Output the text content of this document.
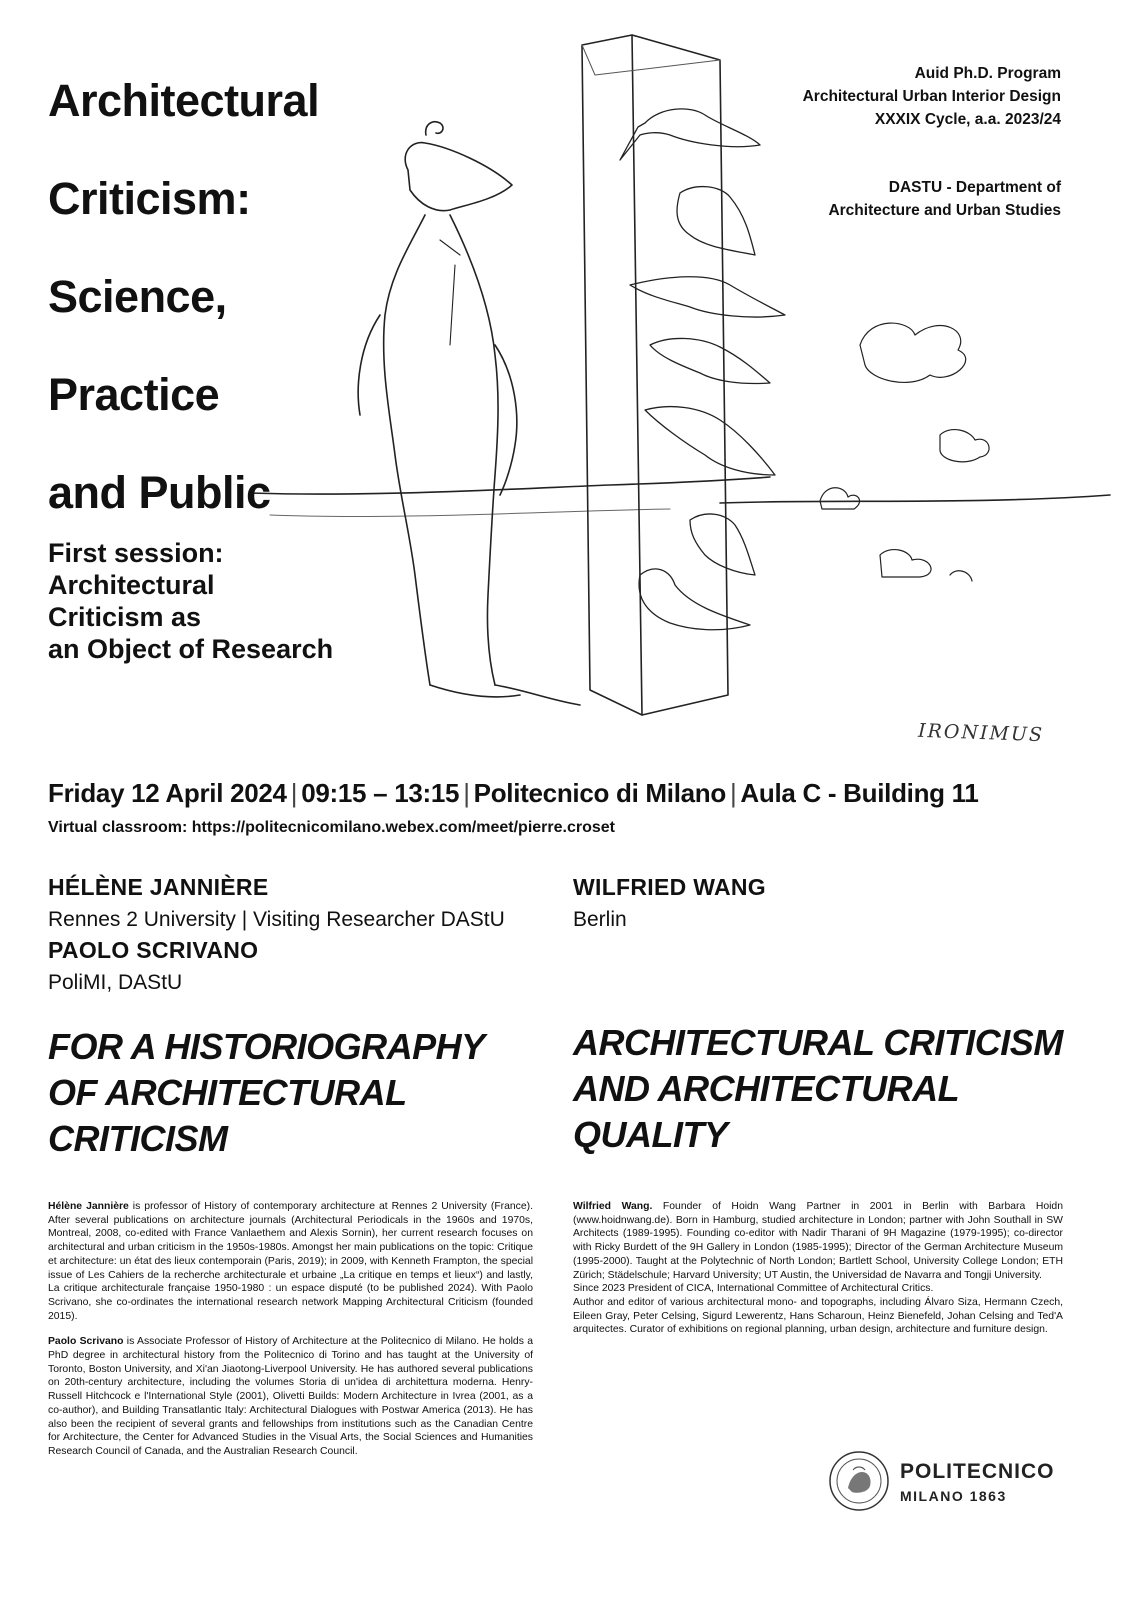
Architectural
Criticism:
Science,
Practice
and Public
First session:
Architectural
Criticism as
an Object of Research
Auid Ph.D. Program
Architectural Urban Interior Design
XXXIX Cycle, a.a. 2023/24
DASTU - Department of
Architecture and Urban Studies
IRONIMUS
Friday 12 April 2024 | 09:15 – 13:15 | Politecnico di Milano | Aula C - Building 11
Virtual classroom: https://politecnicomilano.webex.com/meet/pierre.croset
HÉLÈNE JANNIÈRE
Rennes 2 University | Visiting Researcher DAStU
PAOLO SCRIVANO
PoliMI, DAStU
WILFRIED WANG
Berlin
FOR A HISTORIOGRAPHY
OF ARCHITECTURAL
CRITICISM
ARCHITECTURAL CRITICISM
AND ARCHITECTURAL
QUALITY

Hélène Jannière is professor of History of contemporary architecture at Rennes 2 University (France). After several publications on architecture journals (Architectural Periodicals in the 1960s and 1970s, Montreal, 2008, co-edited with France Vanlaethem and Alexis Sornin), her current research focuses on architectural and urban criticism in the 1950s-1980s. Amongst her main publications on the topic: Critique et architecture: un état des lieux contemporain (Paris, 2019); in 2009, with Kenneth Frampton, the special issue of Les Cahiers de la recherche architecturale et urbaine „La critique en temps et lieux“) and lastly, La critique architecturale française 1950-1980 : un espace disputé (to be published 2024). With Paolo Scrivano, she co-ordinates the international research network Mapping Architectural Criticism (founded 2015).

Paolo Scrivano is Associate Professor of History of Architecture at the Politecnico di Milano. He holds a PhD degree in architectural history from the Politecnico di Torino and has taught at the University of Toronto, Boston University, and Xi'an Jiaotong-Liverpool University. He has authored several publications on 20th-century architecture, including the volumes Storia di un'idea di architettura moderna. Henry-Russell Hitchcock e l'International Style (2001), Olivetti Builds: Modern Architecture in Ivrea (2001, as a co-author), and Building Transatlantic Italy: Architectural Dialogues with Postwar America (2013). He has also been the recipient of several grants and fellowships from institutions such as the Canadian Centre for Architecture, the Center for Advanced Studies in the Visual Arts, the Social Sciences and Humanities Research Council of Canada, and the Australian Research Council.

Wilfried Wang. Founder of Hoidn Wang Partner in 2001 in Berlin with Barbara Hoidn (www.hoidnwang.de). Born in Hamburg, studied architecture in London; partner with John Southall in SW Architects (1989-1995). Founding co-editor with Nadir Tharani of 9H Magazine (1979-1995); co-director with Ricky Burdett of the 9H Gallery in London (1985-1995); Director of the German Architecture Museum (1995-2000). Taught at the Polytechnic of North London; Bartlett School, University College London; ETH Zürich; Städelschule; Harvard University; UT Austin, the Universidad de Navarra and Tongji University.

Since 2023 President of CICA, International Committee of Architectural Critics.

Author and editor of various architectural mono- and topographs, including Álvaro Siza, Hermann Czech, Eileen Gray, Peter Celsing, Sigurd Lewerentz, Hans Scharoun, Heinz Bienefeld, Johan Celsing and Ted'A arquitectes. Curator of exhibitions on regional planning, urban design, architecture and furniture design.

POLITECNICO
MILANO 1863
